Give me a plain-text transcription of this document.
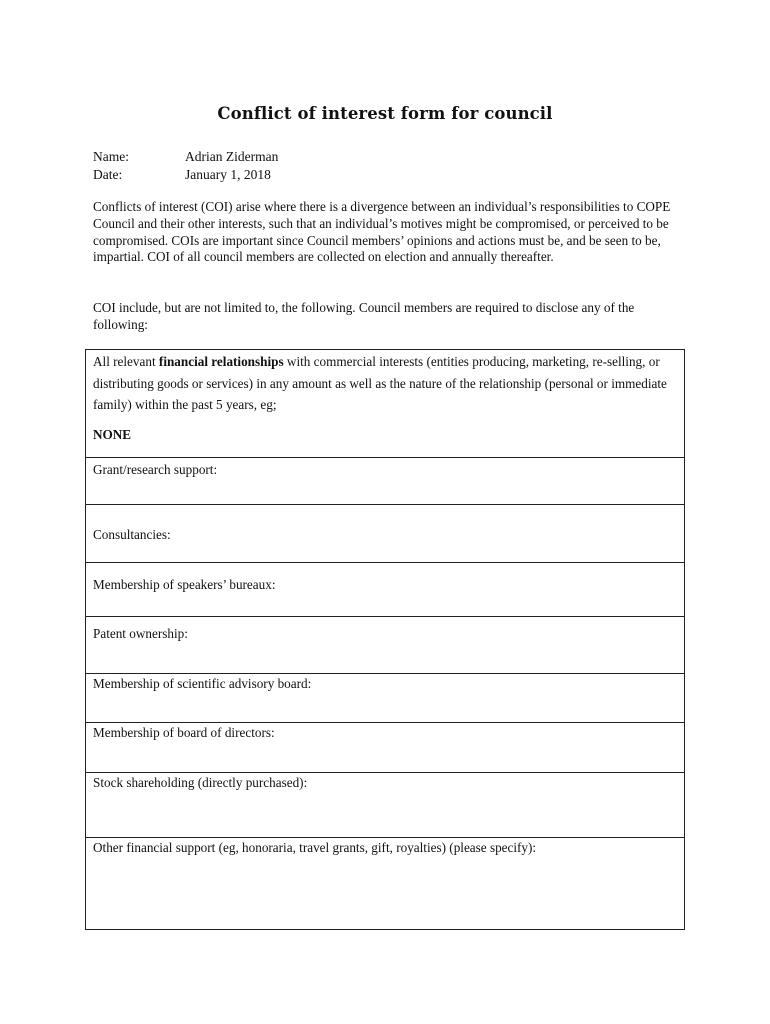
Conflict of interest form for council
Name:	Adrian Ziderman
Date:	January 1, 2018

Conflicts of interest (COI) arise where there is a divergence between an individual’s responsibilities to COPE Council and their other interests, such that an individual’s motives might be compromised, or perceived to be compromised. COIs are important since Council members’ opinions and actions must be, and be seen to be, impartial. COI of all council members are collected on election and annually thereafter.

COI include, but are not limited to, the following. Council members are required to disclose any of the following:

All relevant financial relationships with commercial interests (entities producing, marketing, re-selling, or distributing goods or services) in any amount as well as the nature of the relationship (personal or immediate family) within the past 5 years, eg;
NONE

Grant/research support:

Consultancies:

Membership of speakers’ bureaux:

Patent ownership:

Membership of scientific advisory board:

Membership of board of directors:

Stock shareholding (directly purchased):

Other financial support (eg, honoraria, travel grants, gift, royalties) (please specify):
